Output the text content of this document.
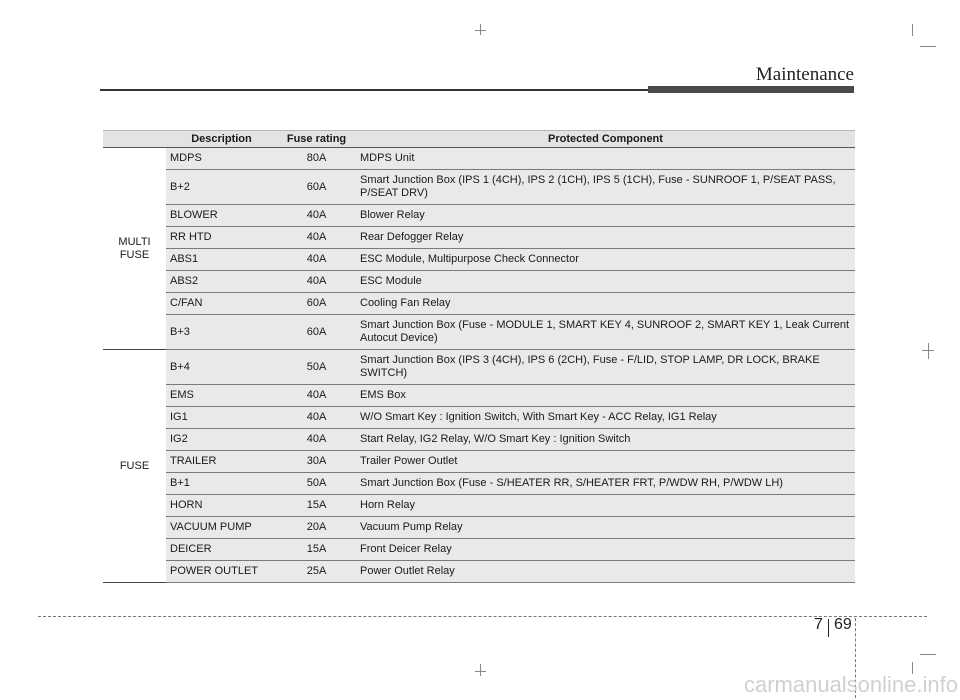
Maintenance
	Description	Fuse rating	Protected Component

MULTI
FUSE	MDPS	80A	MDPS Unit
	B+2	60A	Smart Junction Box (IPS 1 (4CH), IPS 2 (1CH), IPS 5 (1CH), Fuse - SUNROOF 1, P/SEAT PASS, P/SEAT DRV)
	BLOWER	40A	Blower Relay
	RR HTD	40A	Rear Defogger Relay
	ABS1	40A	ESC Module, Multipurpose Check Connector
	ABS2	40A	ESC Module
	C/FAN	60A	Cooling Fan Relay
	B+3	60A	Smart Junction Box (Fuse - MODULE 1, SMART KEY 4, SUNROOF 2, SMART KEY 1, Leak Current Autocut Device)

FUSE	B+4	50A	Smart Junction Box (IPS 3 (4CH), IPS 6 (2CH), Fuse - F/LID, STOP LAMP, DR LOCK, BRAKE SWITCH)
	EMS	40A	EMS Box
	IG1	40A	W/O Smart Key : Ignition Switch, With Smart Key - ACC Relay, IG1 Relay
	IG2	40A	Start Relay, IG2 Relay, W/O Smart Key : Ignition Switch
	TRAILER	30A	Trailer Power Outlet
	B+1	50A	Smart Junction Box (Fuse - S/HEATER RR, S/HEATER FRT, P/WDW RH, P/WDW LH)
	HORN	15A	Horn Relay
	VACUUM PUMP	20A	Vacuum Pump Relay
	DEICER	15A	Front Deicer Relay
	POWER OUTLET	25A	Power Outlet Relay
7 69
carmanualsonline.info
